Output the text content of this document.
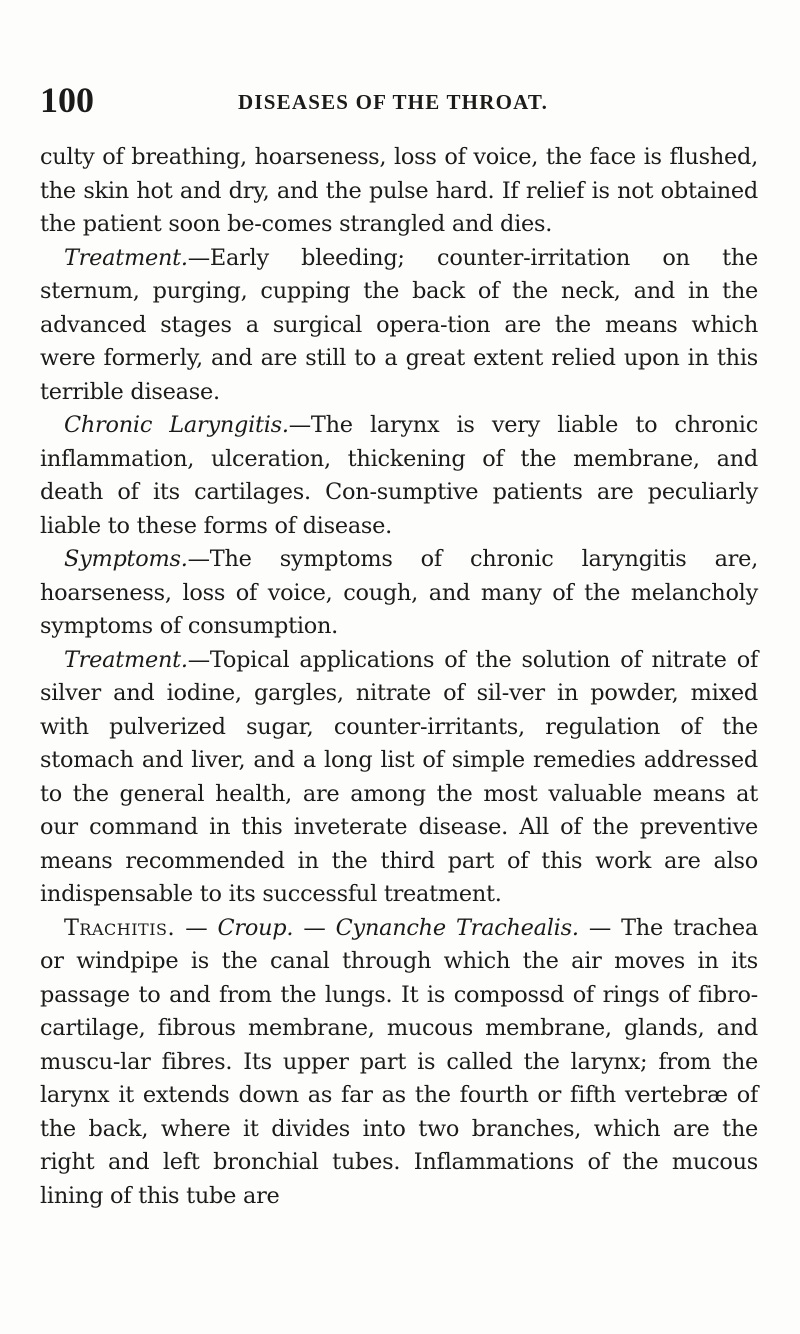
100	DISEASES OF THE THROAT.

culty of breathing, hoarseness, loss of voice, the face is flushed, the skin hot and dry, and the pulse hard. If relief is not obtained the patient soon be-comes strangled and dies.

Treatment.—Early bleeding; counter-irritation on the sternum, purging, cupping the back of the neck, and in the advanced stages a surgical opera-tion are the means which were formerly, and are still to a great extent relied upon in this terrible disease.

Chronic Laryngitis.—The larynx is very liable to chronic inflammation, ulceration, thickening of the membrane, and death of its cartilages. Con-sumptive patients are peculiarly liable to these forms of disease.

Symptoms.—The symptoms of chronic laryngitis are, hoarseness, loss of voice, cough, and many of the melancholy symptoms of consumption.

Treatment.—Topical applications of the solution of nitrate of silver and iodine, gargles, nitrate of sil-ver in powder, mixed with pulverized sugar, counter-irritants, regulation of the stomach and liver, and a long list of simple remedies addressed to the general health, are among the most valuable means at our command in this inveterate disease. All of the preventive means recommended in the third part of this work are also indispensable to its successful treatment.

Trachitis. — Croup. — Cynanche Trachealis. — The trachea or windpipe is the canal through which the air moves in its passage to and from the lungs. It is compossd of rings of fibro-cartilage, fibrous membrane, mucous membrane, glands, and muscu-lar fibres. Its upper part is called the larynx; from the larynx it extends down as far as the fourth or fifth vertebræ of the back, where it divides into two branches, which are the right and left bronchial tubes. Inflammations of the mucous lining of this tube are
